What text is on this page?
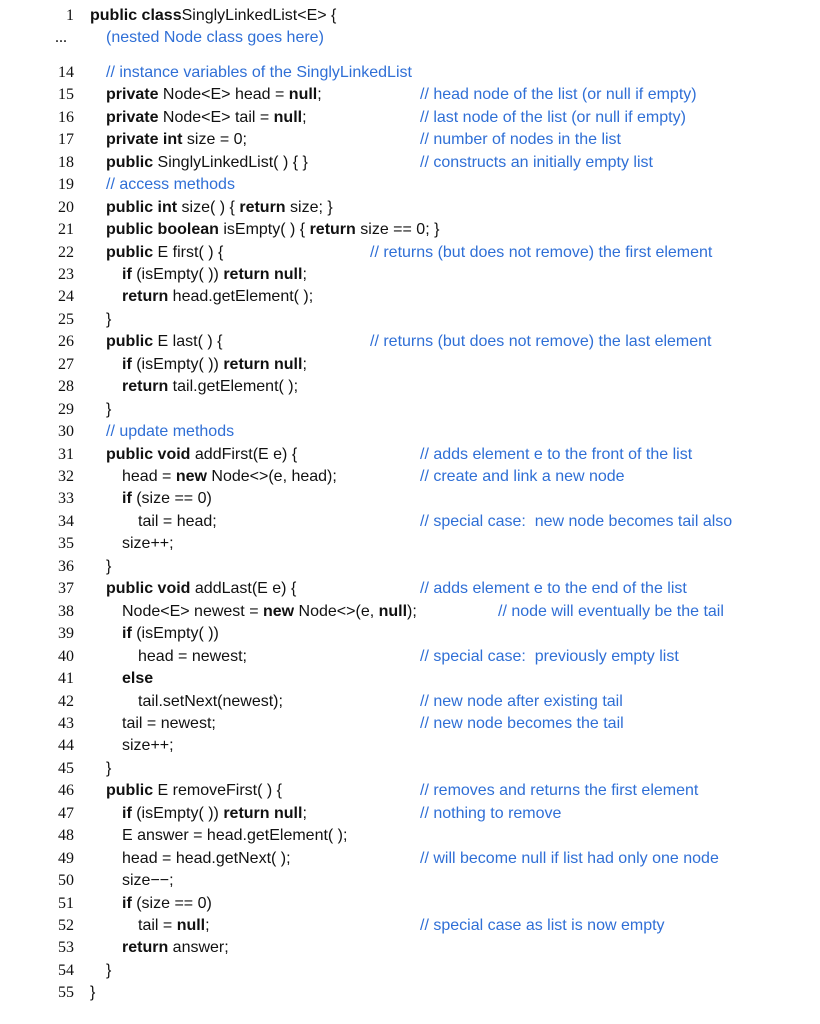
1 public classSinglyLinkedList<E> {
...	(nested Node class goes here)
14 // instance variables of the SinglyLinkedList
15 private Node<E> head = null;	// head node of the list (or null if empty)
16 private Node<E> tail = null;	// last node of the list (or null if empty)
17 private int size = 0;	// number of nodes in the list
18 public SinglyLinkedList( ) { }	// constructs an initially empty list
19 // access methods
20 public int size( ) { return size; }
21 public boolean isEmpty( ) { return size == 0; }
22 public E first( ) {	// returns (but does not remove) the first element
23	if (isEmpty( )) return null;
24	return head.getElement( );
25 }
26 public E last( ) {	// returns (but does not remove) the last element
27	if (isEmpty( )) return null;
28	return tail.getElement( );
29 }
30 // update methods
31 public void addFirst(E e) {	// adds element e to the front of the list
32	head = new Node<>(e, head);	// create and link a new node
33	if (size == 0)
34	tail = head;	// special case:  new node becomes tail also
35	size++;
36 }
37 public void addLast(E e) {	// adds element e to the end of the list
38	Node<E> newest = new Node<>(e, null);	// node will eventually be the tail
39	if (isEmpty( ))
40	head = newest;	// special case:  previously empty list
41	else
42	tail.setNext(newest);	// new node after existing tail
43	tail = newest;	// new node becomes the tail
44	size++;
45 }
46 public E removeFirst( ) {	// removes and returns the first element
47	if (isEmpty( )) return null;	// nothing to remove
48	E answer = head.getElement( );
49	head = head.getNext( );	// will become null if list had only one node
50	size−−;
51	if (size == 0)
52	tail = null;	// special case as list is now empty
53	return answer;
54 }
55 }
